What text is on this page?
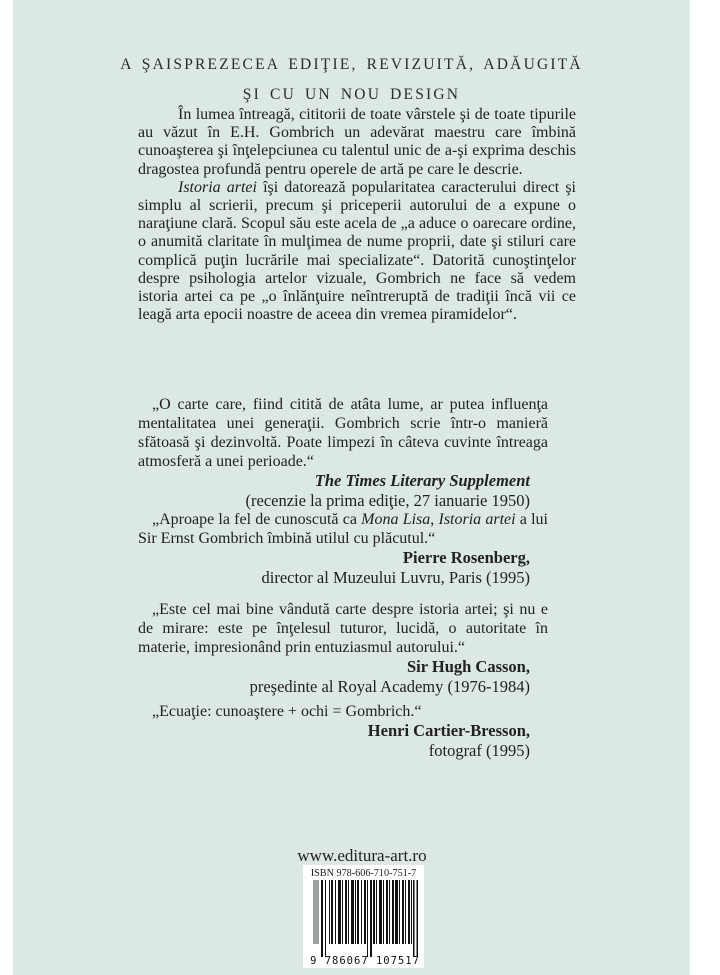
A ŞAISPREZECEA EDIŢIE, REVIZUITĂ, ADĂUGITĂ
ŞI CU UN NOU DESIGN

În lumea întreagă, cititorii de toate vârstele şi de toate tipurile au văzut în E.H. Gombrich un adevărat maestru care îmbină cunoaşterea şi înţelepciunea cu talentul unic de a-şi exprima deschis dragostea profundă pentru operele de artă pe care le descrie.

Istoria artei îşi datorează popularitatea caracterului direct şi simplu al scrierii, precum şi priceperii autorului de a expune o naraţiune clară. Scopul său este acela de „a aduce o oarecare ordine, o anumită claritate în mulţimea de nume proprii, date şi stiluri care complică puţin lucrările mai specializate“. Datorită cunoştinţelor despre psihologia artelor vizuale, Gombrich ne face să vedem istoria artei ca pe „o înlănţuire neîntreruptă de tradiţii încă vii ce leagă arta epocii noastre de aceea din vremea piramidelor“.

„O carte care, fiind citită de atâta lume, ar putea influenţa mentalitatea unei generaţii. Gombrich scrie într-o manieră sfătoasă şi dezinvoltă. Poate limpezi în câteva cuvinte întreaga atmosferă a unei perioade.“

The Times Literary Supplement

(recenzie la prima ediţie, 27 ianuarie 1950)

„Aproape la fel de cunoscută ca Mona Lisa, Istoria artei a lui Sir Ernst Gombrich îmbină utilul cu plăcutul.“

Pierre Rosenberg,

director al Muzeului Luvru, Paris (1995)

„Este cel mai bine vândută carte despre istoria artei; şi nu e de mirare: este pe înţelesul tuturor, lucidă, o autoritate în materie, impresionând prin entuziasmul autorului.“

Sir Hugh Casson,

preşedinte al Royal Academy (1976-1984)

„Ecuaţie: cunoaştere + ochi = Gombrich.“

Henri Cartier-Bresson,

fotograf (1995)

www.editura-art.ro
ISBN 978-606-710-751-7
9 786067 107517
